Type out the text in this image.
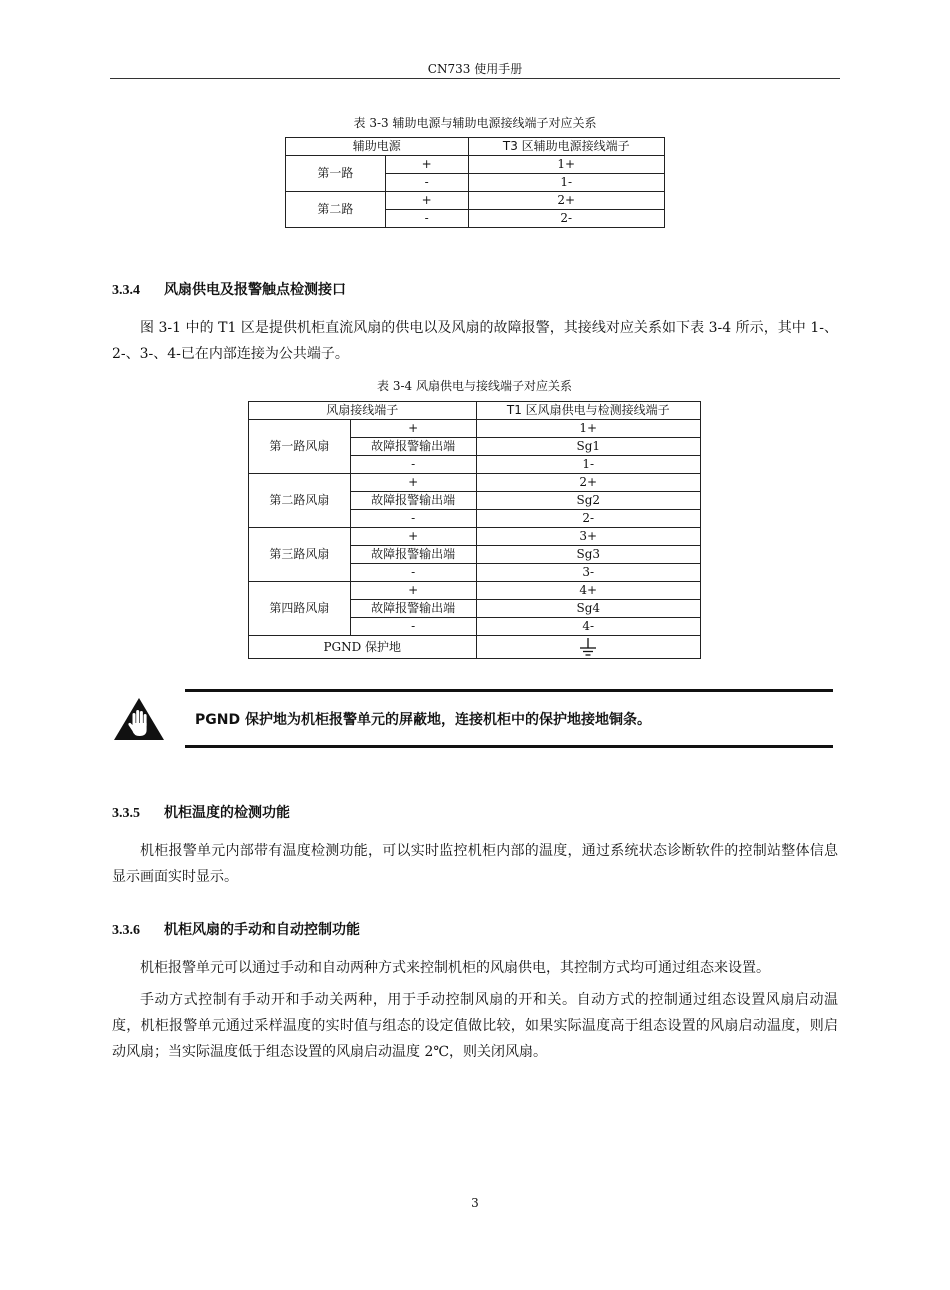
CN733 使用手册
表 3-3 辅助电源与辅助电源接线端子对应关系
辅助电源		T3 区辅助电源接线端子
第一路	+	1+
	-	1-
第二路	+	2+
	-	2-
3.3.4 风扇供电及报警触点检测接口

图 3-1 中的 T1 区是提供机柜直流风扇的供电以及风扇的故障报警，其接线对应关系如下表 3-4 所示，其中 1-、2-、3-、4-已在内部连接为公共端子。

表 3-4 风扇供电与接线端子对应关系
风扇接线端子		T1 区风扇供电与检测接线端子
第一路风扇	+	1+
	故障报警输出端	Sg1
	-	1-
第二路风扇	+	2+
	故障报警输出端	Sg2
	-	2-
第三路风扇	+	3+
	故障报警输出端	Sg3
	-	3-
第四路风扇	+	4+
	故障报警输出端	Sg4
	-	4-
PGND 保护地	
PGND 保护地为机柜报警单元的屏蔽地，连接机柜中的保护地接地铜条。
3.3.5 机柜温度的检测功能

机柜报警单元内部带有温度检测功能，可以实时监控机柜内部的温度，通过系统状态诊断软件的控制站整体信息显示画面实时显示。

3.3.6 机柜风扇的手动和自动控制功能

机柜报警单元可以通过手动和自动两种方式来控制机柜的风扇供电，其控制方式均可通过组态来设置。

手动方式控制有手动开和手动关两种，用于手动控制风扇的开和关。自动方式的控制通过组态设置风扇启动温度，机柜报警单元通过采样温度的实时值与组态的设定值做比较，如果实际温度高于组态设置的风扇启动温度，则启动风扇；当实际温度低于组态设置的风扇启动温度 2℃，则关闭风扇。

3
